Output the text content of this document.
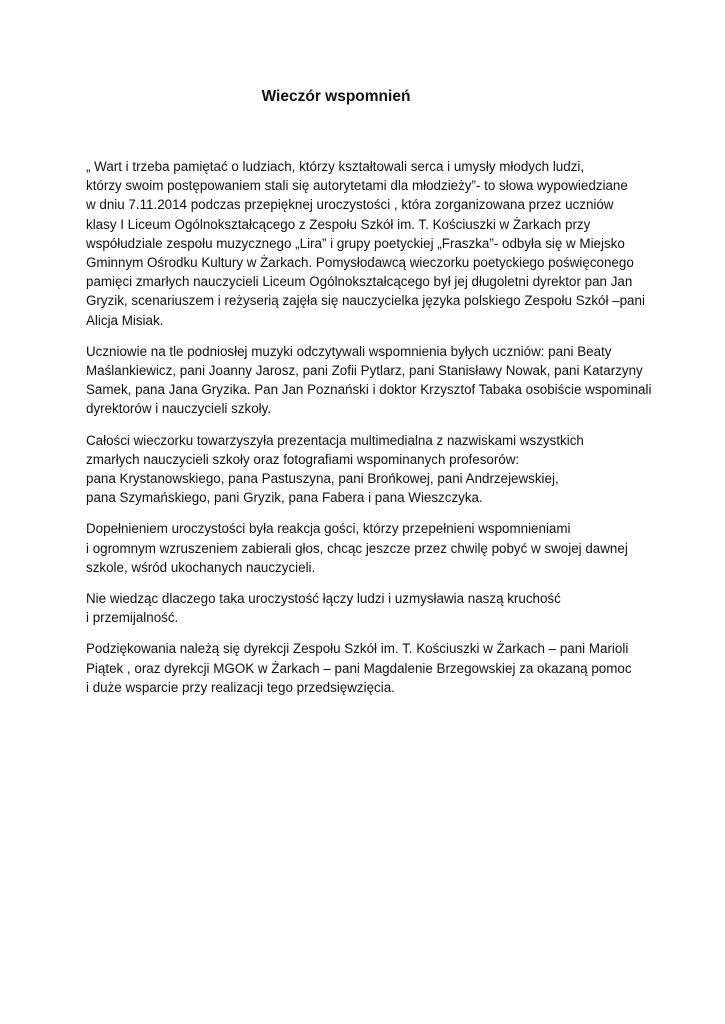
Wieczór wspomnień

„ Wart i trzeba pamiętać o ludziach, którzy kształtowali serca i umysły młodych ludzi,
którzy swoim postępowaniem stali się autorytetami dla młodzieży”- to słowa wypowiedziane
w dniu 7.11.2014 podczas przepięknej uroczystości , która zorganizowana przez uczniów
klasy I Liceum Ogólnokształcącego z Zespołu Szkół im. T. Kościuszki w Żarkach przy
współudziale zespołu muzycznego „Lira” i grupy poetyckiej „Fraszka”- odbyła się w Miejsko
Gminnym Ośrodku Kultury w Żarkach. Pomysłodawcą wieczorku poetyckiego poświęconego
pamięci zmarłych nauczycieli Liceum Ogólnokształcącego był jej długoletni dyrektor pan Jan
Gryzik, scenariuszem i reżyserią zajęła się nauczycielka języka polskiego Zespołu Szkół –pani
Alicja Misiak.

Uczniowie na tle podniosłej muzyki odczytywali wspomnienia byłych uczniów: pani Beaty
Maślankiewicz, pani Joanny Jarosz, pani Zofii Pytlarz, pani Stanisławy Nowak, pani Katarzyny
Samek, pana Jana Gryzika. Pan Jan Poznański i doktor Krzysztof Tabaka osobiście wspominali
dyrektorów i nauczycieli szkoły.

Całości wieczorku towarzyszyła prezentacja multimedialna z nazwiskami wszystkich
zmarłych nauczycieli szkoły oraz fotografiami wspominanych profesorów:
pana Krystanowskiego, pana Pastuszyna, pani Brońkowej, pani Andrzejewskiej,
pana Szymańskiego, pani Gryzik, pana Fabera i pana Wieszczyka.

Dopełnieniem uroczystości była reakcja gości, którzy przepełnieni wspomnieniami
i ogromnym wzruszeniem zabierali głos, chcąc jeszcze przez chwilę pobyć w swojej dawnej
szkole, wśród ukochanych nauczycieli.

Nie wiedząc dlaczego taka uroczystość łączy ludzi i uzmysławia naszą kruchość
i przemijalność.

Podziękowania należą się dyrekcji Zespołu Szkół im. T. Kościuszki w Żarkach – pani Marioli
Piątek , oraz dyrekcji MGOK w Żarkach – pani Magdalenie Brzegowskiej za okazaną pomoc
i duże wsparcie przy realizacji tego przedsięwzięcia.
